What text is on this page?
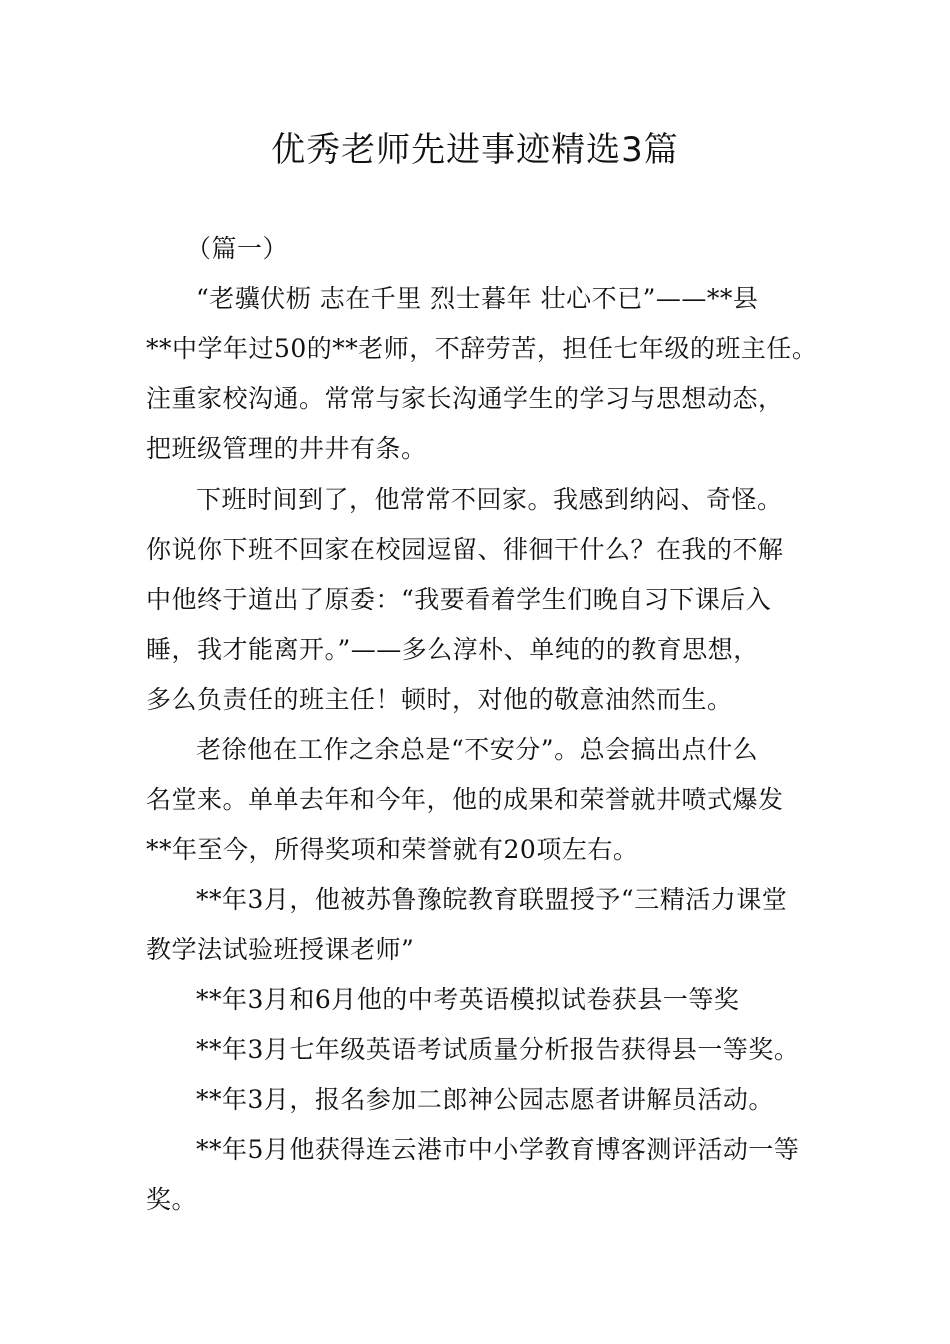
优秀老师先进事迹精选3篇
（篇一）
“老骥伏枥 志在千里 烈士暮年 壮心不已”——**县
**中学年过50的**老师，不辞劳苦，担任七年级的班主任。
注重家校沟通。常常与家长沟通学生的学习与思想动态，
把班级管理的井井有条。
下班时间到了，他常常不回家。我感到纳闷、奇怪。
你说你下班不回家在校园逗留、徘徊干什么？在我的不解
中他终于道出了原委：“我要看着学生们晚自习下课后入
睡，我才能离开。”——多么淳朴、单纯的的教育思想，
多么负责任的班主任！顿时，对他的敬意油然而生。
老徐他在工作之余总是“不安分”。总会搞出点什么
名堂来。单单去年和今年，他的成果和荣誉就井喷式爆发
**年至今，所得奖项和荣誉就有20项左右。
**年3月，他被苏鲁豫皖教育联盟授予“三精活力课堂
教学法试验班授课老师”
**年3月和6月他的中考英语模拟试卷获县一等奖
**年3月七年级英语考试质量分析报告获得县一等奖。
**年3月，报名参加二郎神公园志愿者讲解员活动。
**年5月他获得连云港市中小学教育博客测评活动一等
奖。
